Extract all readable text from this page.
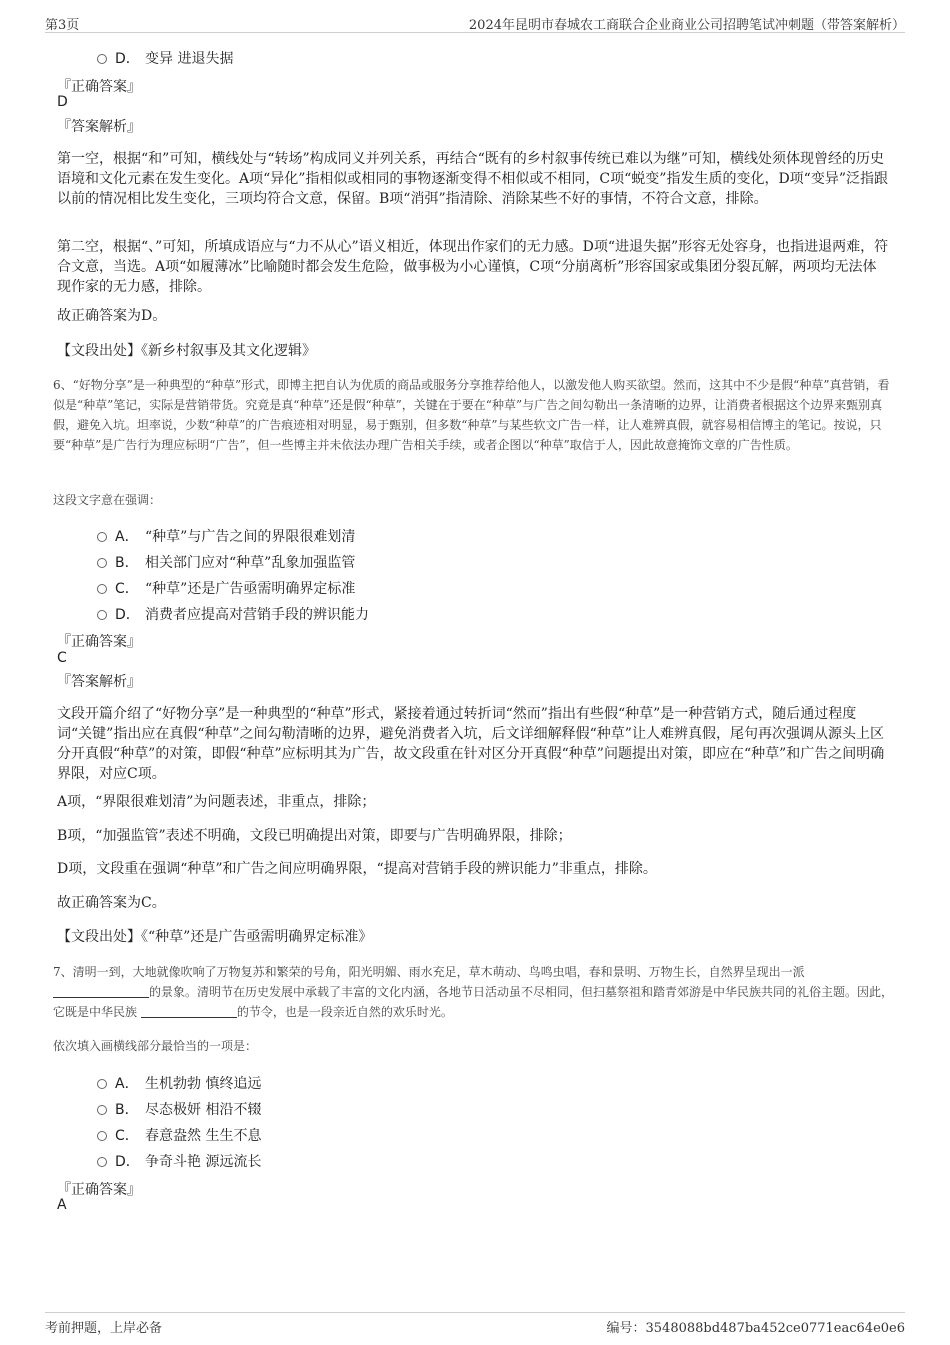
第3页	2024年昆明市春城农工商联合企业商业公司招聘笔试冲刺题（带答案解析）
D． 变异 进退失据
『正确答案』
D
『答案解析』
第一空，根据“和”可知，横线处与“转场”构成同义并列关系，再结合“既有的乡村叙事传统已难以为继”可知，横线处须体现曾经的历史语境和文化元素在发生变化。A项“异化”指相似或相同的事物逐渐变得不相似或不相同，C项“蜕变”指发生质的变化，D项“变异”泛指跟以前的情况相比发生变化，三项均符合文意，保留。B项“消弭”指清除、消除某些不好的事情，不符合文意，排除。
第二空，根据“、”可知，所填成语应与“力不从心”语义相近，体现出作家们的无力感。D项“进退失据”形容无处容身，也指进退两难，符合文意，当选。A项“如履薄冰”比喻随时都会发生危险，做事极为小心谨慎，C项“分崩离析”形容国家或集团分裂瓦解，两项均无法体现作家的无力感，排除。
故正确答案为D。
【文段出处】《新乡村叙事及其文化逻辑》
6、“好物分享”是一种典型的“种草”形式，即博主把自认为优质的商品或服务分享推荐给他人，以激发他人购买欲望。然而，这其中不少是假“种草”真营销，看似是“种草”笔记，实际是营销带货。究竟是真“种草”还是假“种草”，关键在于要在“种草”与广告之间勾勒出一条清晰的边界，让消费者根据这个边界来甄别真假，避免入坑。坦率说，少数“种草”的广告痕迹相对明显，易于甄别，但多数“种草”与某些软文广告一样，让人难辨真假，就容易相信博主的笔记。按说，只要“种草”是广告行为理应标明“广告”，但一些博主并未依法办理广告相关手续，或者企图以“种草”取信于人，因此故意掩饰文章的广告性质。
这段文字意在强调：
A． “种草”与广告之间的界限很难划清
B． 相关部门应对“种草”乱象加强监管
C． “种草”还是广告亟需明确界定标准
D． 消费者应提高对营销手段的辨识能力
『正确答案』
C
『答案解析』
文段开篇介绍了“好物分享”是一种典型的“种草”形式，紧接着通过转折词“然而”指出有些假“种草”是一种营销方式，随后通过程度词“关键”指出应在真假“种草”之间勾勒清晰的边界，避免消费者入坑，后文详细解释假“种草”让人难辨真假，尾句再次强调从源头上区分开真假“种草”的对策，即假“种草”应标明其为广告，故文段重在针对区分开真假“种草”问题提出对策，即应在“种草”和广告之间明确界限，对应C项。
A项，“界限很难划清”为问题表述，非重点，排除；
B项，“加强监管”表述不明确，文段已明确提出对策，即要与广告明确界限，排除；
D项，文段重在强调“种草”和广告之间应明确界限，“提高对营销手段的辨识能力”非重点，排除。
故正确答案为C。
【文段出处】《“种草”还是广告亟需明确界定标准》
7、清明一到，大地就像吹响了万物复苏和繁荣的号角，阳光明媚、雨水充足，草木萌动、鸟鸣虫唱，春和景明、万物生长，自然界呈现出一派的景象。清明节在历史发展中承载了丰富的文化内涵，各地节日活动虽不尽相同，但扫墓祭祖和踏青郊游是中华民族共同的礼俗主题。因此，它既是中华民族	的节令，也是一段亲近自然的欢乐时光。
依次填入画横线部分最恰当的一项是：
A． 生机勃勃 慎终追远
B． 尽态极妍 相沿不辍
C． 春意盎然 生生不息
D． 争奇斗艳 源远流长
『正确答案』
A
考前押题，上岸必备	编号：3548088bd487ba452ce0771eac64e0e6
